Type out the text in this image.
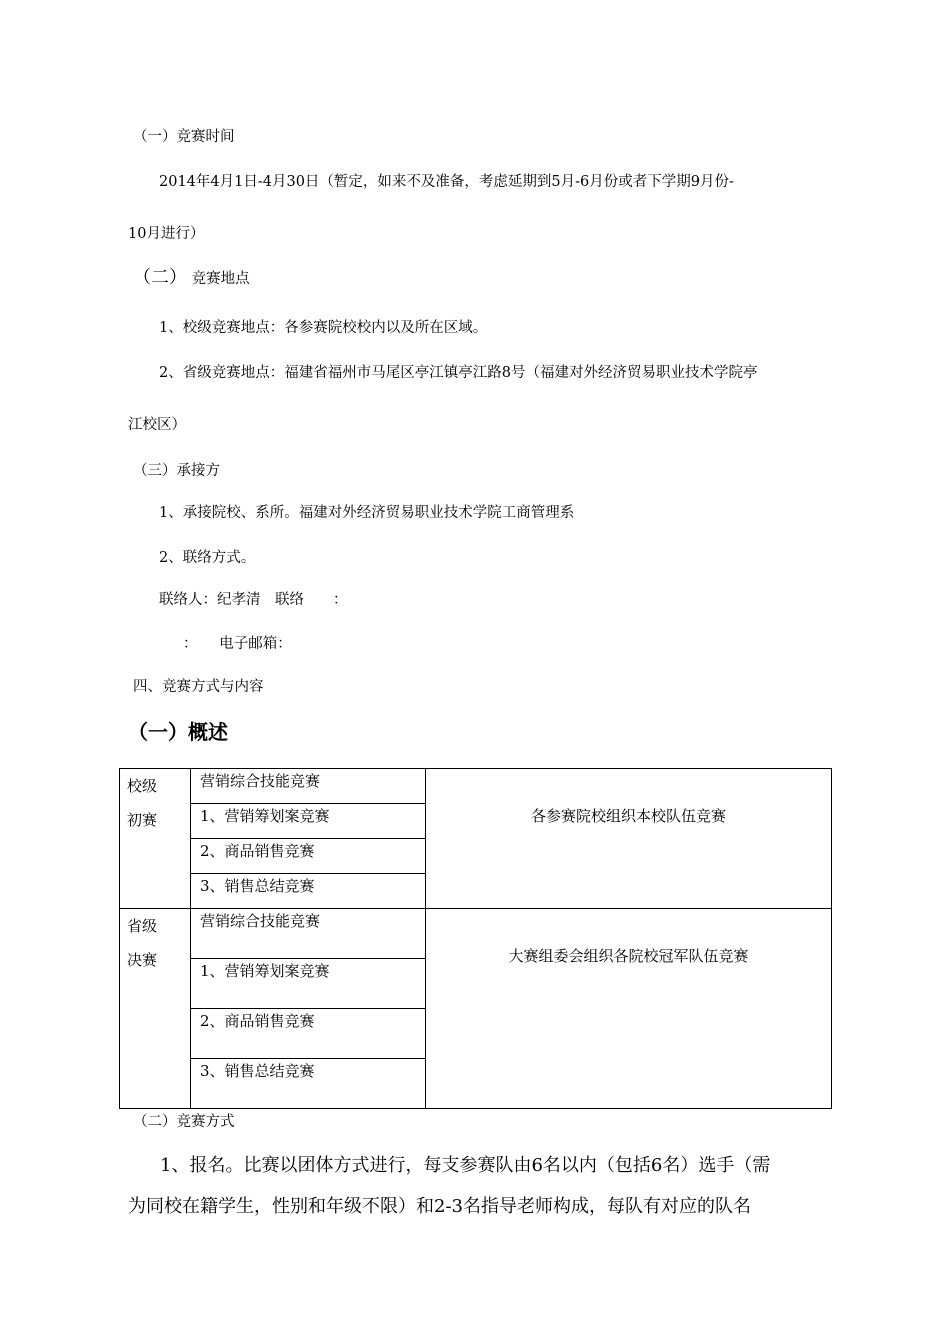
（一）竞赛时间
2014年4月1日-4月30日（暂定，如来不及准备，考虑延期到5月-6月份或者下学期9月份-
10月进行）
（二） 竞赛地点
1、校级竞赛地点：各参赛院校校内以及所在区域。
2、省级竞赛地点：福建省福州市马尾区亭江镇亭江路8号（福建对外经济贸易职业技术学院亭
江校区）
（三）承接方
1、承接院校、系所。福建对外经济贸易职业技术学院工商管理系
2、联络方式。
联络人：纪孝清　联络　　：
：　　电子邮箱：
四、竞赛方式与内容
（一）概述
校级
初赛	营销综合技能竞赛	各参赛院校组织本校队伍竞赛

	1、营销筹划案竞赛	
	2、商品销售竞赛	
	3、销售总结竞赛	

省级
决赛	营销综合技能竞赛	大赛组委会组织各院校冠军队伍竞赛

	1、营销筹划案竞赛	
	2、商品销售竞赛	
	3、销售总结竞赛	
（二）竞赛方式
1、报名。比赛以团体方式进行，每支参赛队由6名以内（包括6名）选手（需
为同校在籍学生，性别和年级不限）和2-3名指导老师构成，每队有对应的队名
